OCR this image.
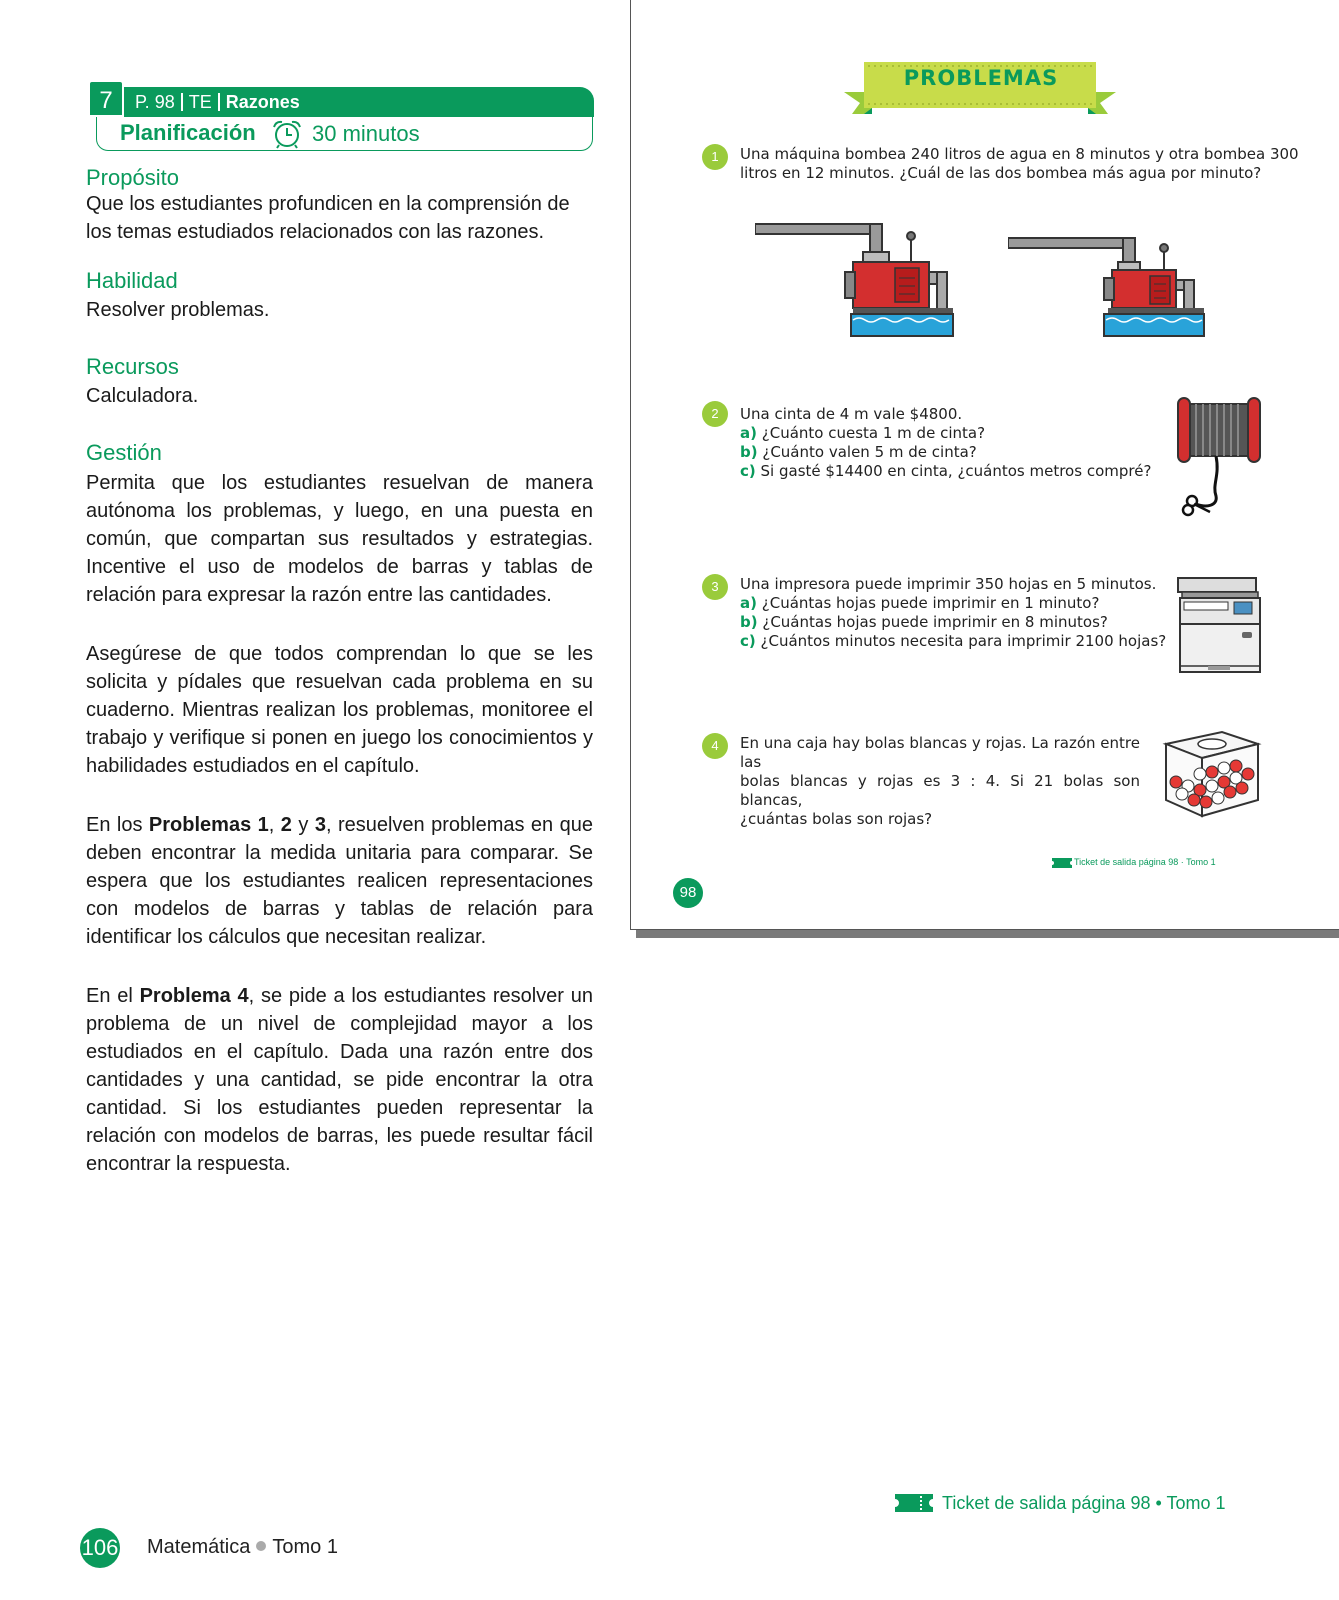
7	P. 98 TE Razones
Planificación	30 minutos
Propósito
Que los estudiantes profundicen en la comprensión de los temas estudiados relacionados con las razones.
Habilidad
Resolver problemas.
Recursos
Calculadora.
Gestión
Permita que los estudiantes resuelvan de manera autónoma los problemas, y luego, en una puesta en común, que compartan sus resultados y estrategias. Incentive el uso de modelos de barras y tablas de relación para expresar la razón entre las cantidades.
Asegúrese de que todos comprendan lo que se les solicita y pídales que resuelvan cada problema en su cuaderno. Mientras realizan los problemas, monitoree el trabajo y verifique si ponen en juego los conocimientos y habilidades estudiados en el capítulo.
En los Problemas 1, 2 y 3, resuelven problemas en que deben encontrar la medida unitaria para comparar. Se espera que los estudiantes realicen representaciones con modelos de barras y tablas de relación para identificar los cálculos que necesitan realizar.
En el Problema 4, se pide a los estudiantes resolver un problema de un nivel de complejidad mayor a los estudiados en el capítulo. Dada una razón entre dos cantidades y una cantidad, se pide encontrar la otra cantidad. Si los estudiantes pueden representar la relación con modelos de barras, les puede resultar fácil encontrar la respuesta.
PROBLEMAS
1	Una máquina bombea 240 litros de agua en 8 minutos y otra bombea 300
litros en 12 minutos. ¿Cuál de las dos bombea más agua por minuto?
2	Una cinta de 4 m vale $4800.
a) ¿Cuánto cuesta 1 m de cinta?
b) ¿Cuánto valen 5 m de cinta?
c) Si gasté $14400 en cinta, ¿cuántos metros compré?
3	Una impresora puede imprimir 350 hojas en 5 minutos.
a) ¿Cuántas hojas puede imprimir en 1 minuto?
b) ¿Cuántas hojas puede imprimir en 8 minutos?
c) ¿Cuántos minutos necesita para imprimir 2100 hojas?
4	En una caja hay bolas blancas y rojas. La razón entre las
bolas blancas y rojas es 3 : 4. Si 21 bolas son blancas,
¿cuántas bolas son rojas?
Ticket de salida página 98 · Tomo 1
98
Ticket de salida página 98 • Tomo 1
106 Matemática Tomo 1
